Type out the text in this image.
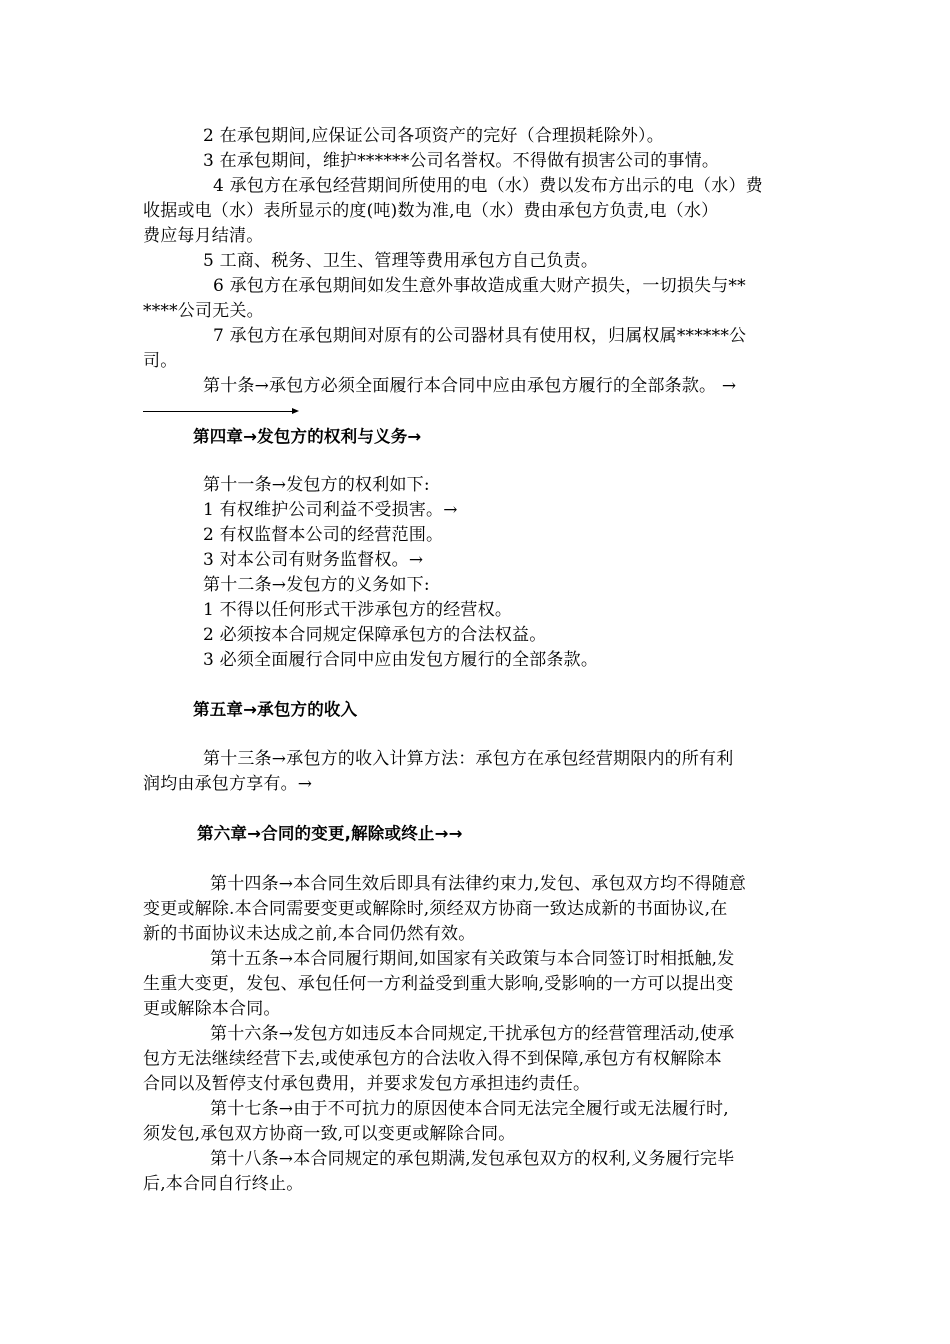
2 在承包期间,应保证公司各项资产的完好（合理损耗除外）。
3 在承包期间，维护******公司名誉权。不得做有损害公司的事情。
4 承包方在承包经营期间所使用的电（水）费以发布方出示的电（水）费
收据或电（水）表所显示的度(吨)数为准,电（水）费由承包方负责,电（水）
费应每月结清。
5 工商、税务、卫生、管理等费用承包方自己负责。
6 承包方在承包期间如发生意外事故造成重大财产损失，一切损失与**
****公司无关。
7 承包方在承包期间对原有的公司器材具有使用权，归属权属******公
司。
第十条→承包方必须全面履行本合同中应由承包方履行的全部条款。 →
第四章→发包方的权利与义务→
第十一条→发包方的权利如下:
1 有权维护公司利益不受损害。→
2 有权监督本公司的经营范围。
3 对本公司有财务监督权。→
第十二条→发包方的义务如下:
1 不得以任何形式干涉承包方的经营权。
2 必须按本合同规定保障承包方的合法权益。
3 必须全面履行合同中应由发包方履行的全部条款。
第五章→承包方的收入
第十三条→承包方的收入计算方法：承包方在承包经营期限内的所有利
润均由承包方享有。→
第六章→合同的变更,解除或终止→→
第十四条→本合同生效后即具有法律约束力,发包、承包双方均不得随意
变更或解除.本合同需要变更或解除时,须经双方协商一致达成新的书面协议,在
新的书面协议未达成之前,本合同仍然有效。
第十五条→本合同履行期间,如国家有关政策与本合同签订时相抵触,发
生重大变更，发包、承包任何一方利益受到重大影响,受影响的一方可以提出变
更或解除本合同。
第十六条→发包方如违反本合同规定,干扰承包方的经营管理活动,使承
包方无法继续经营下去,或使承包方的合法收入得不到保障,承包方有权解除本
合同以及暂停支付承包费用，并要求发包方承担违约责任。
第十七条→由于不可抗力的原因使本合同无法完全履行或无法履行时,
须发包,承包双方协商一致,可以变更或解除合同。
第十八条→本合同规定的承包期满,发包承包双方的权利,义务履行完毕
后,本合同自行终止。
